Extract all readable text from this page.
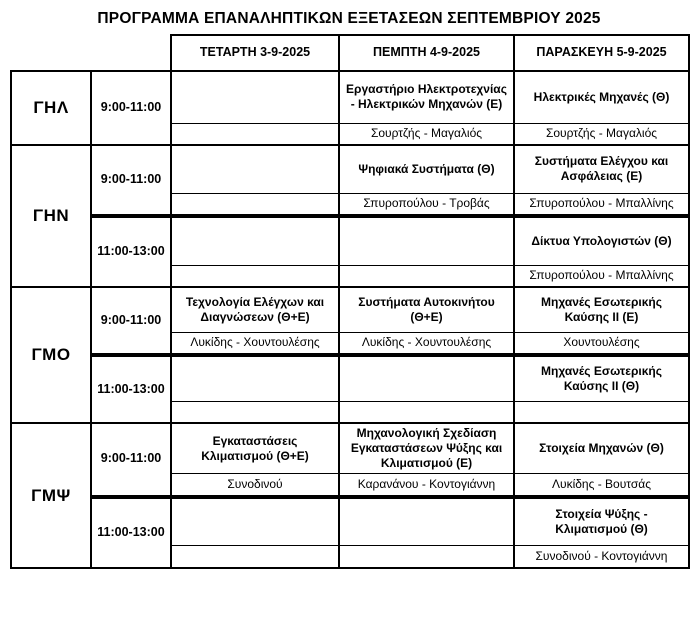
ΠΡΟΓΡΑΜΜΑ ΕΠΑΝΑΛΗΠΤΙΚΩΝ ΕΞΕΤΑΣΕΩΝ ΣΕΠΤΕΜΒΡΙΟΥ 2025
		ΤΕΤΑΡΤΗ 3-9-2025	ΠΕΜΠΤΗ 4-9-2025	ΠΑΡΑΣΚΕΥΗ 5-9-2025
ΓΗΛ	9:00-11:00		Εργαστήριο Ηλεκτροτεχνίας - Ηλεκτρικών Μηχανών (Ε)	Ηλεκτρικές Μηχανές (Θ)
			Σουρτζής - Μαγαλιός	Σουρτζής - Μαγαλιός
ΓΗΝ	9:00-11:00		Ψηφιακά Συστήματα (Θ)	Συστήματα Ελέγχου και Ασφάλειας (Ε)
			Σπυροπούλου - Τροβάς	Σπυροπούλου - Μπαλλίνης

	11:00-13:00			Δίκτυα Υπολογιστών (Θ)
				Σπυροπούλου - Μπαλλίνης
ΓΜΟ	9:00-11:00	Τεχνολογία Ελέγχων και Διαγνώσεων (Θ+Ε)	Συστήματα Αυτοκινήτου (Θ+Ε)	Μηχανές Εσωτερικής Καύσης ΙΙ (Ε)
		Λυκίδης - Χουντουλέσης	Λυκίδης - Χουντουλέσης	Χουντουλέσης

	11:00-13:00			Μηχανές Εσωτερικής Καύσης ΙΙ (Θ)

ΓΜΨ	9:00-11:00	Εγκαταστάσεις Κλιματισμού (Θ+Ε)	Μηχανολογική Σχεδίαση Εγκαταστάσεων Ψύξης και Κλιματισμού (Ε)	Στοιχεία Μηχανών (Θ)
		Συνοδινού	Καρανάνου - Κοντογιάννη	Λυκίδης - Βουτσάς

	11:00-13:00			Στοιχεία Ψύξης - Κλιματισμού (Θ)
				Συνοδινού - Κοντογιάννη
